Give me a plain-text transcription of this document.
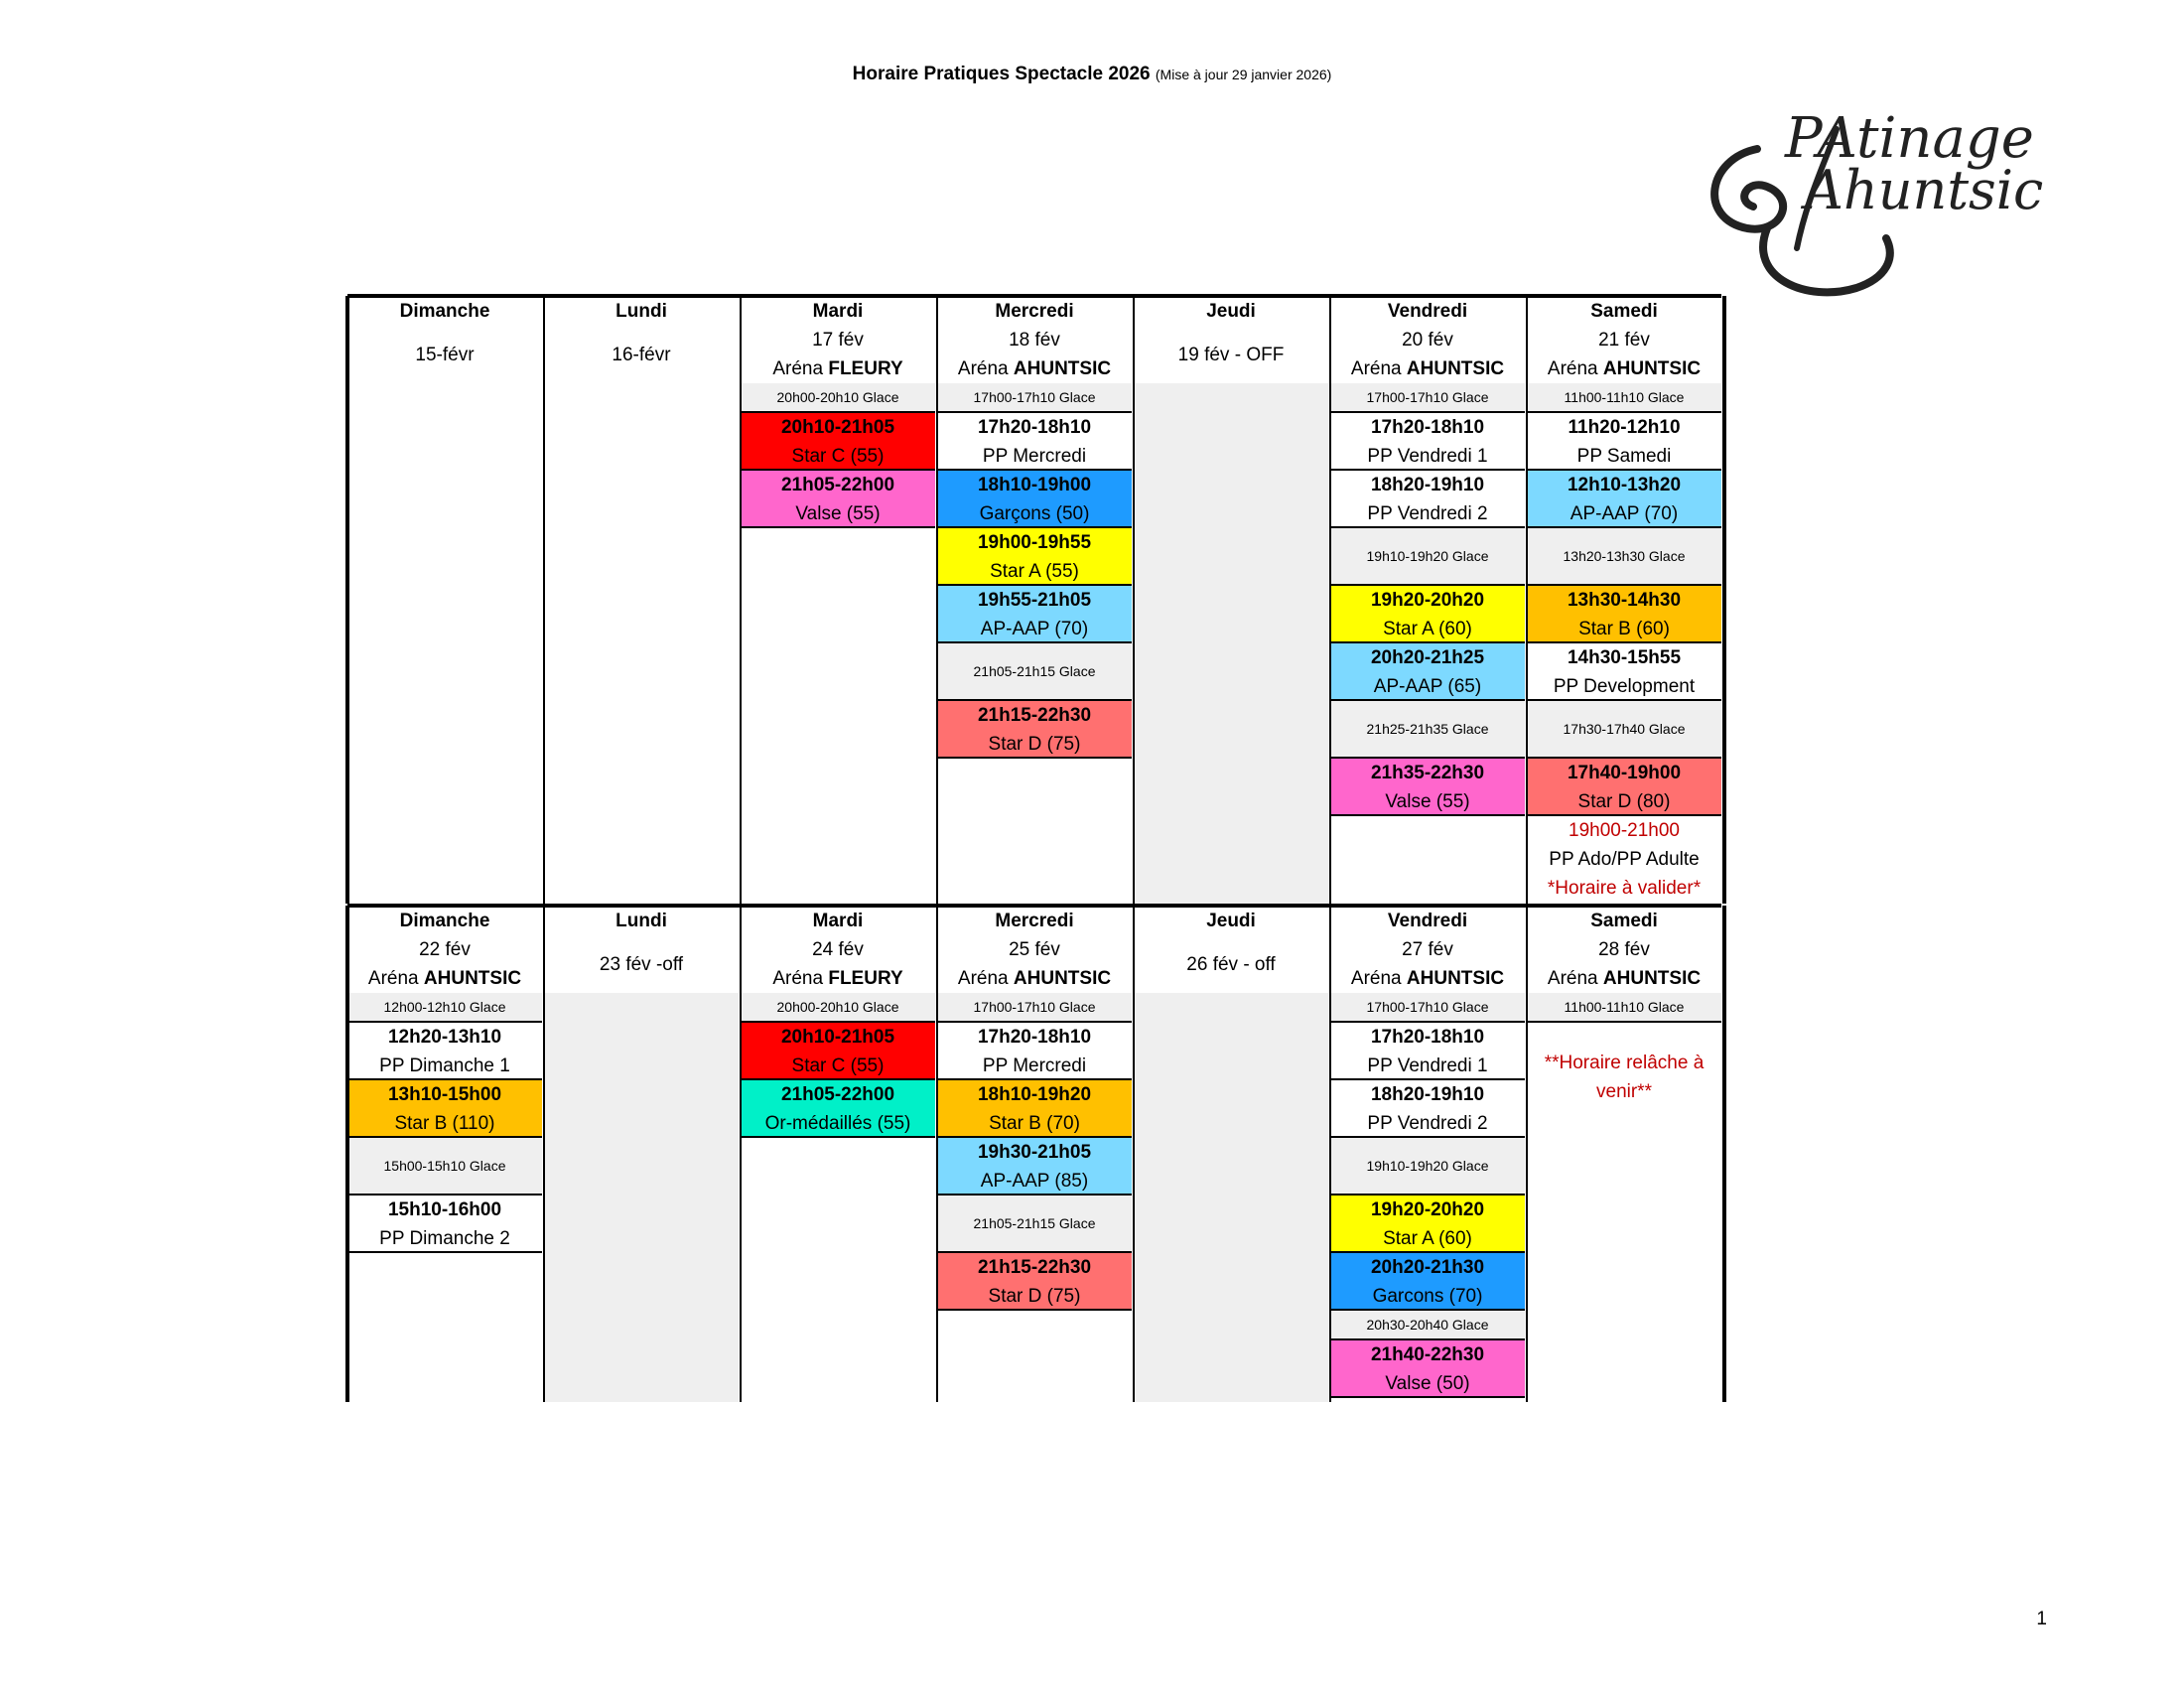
Horaire Pratiques Spectacle 2026 (Mise à jour 29 janvier 2026)
PAtinage
Ahuntsic
Dimanche
15-févr
Lundi
16-févr
Mardi
17 fév
Aréna FLEURY
20h00-20h10 Glace
20h10-21h05
Star C (55)
21h05-22h00
Valse (55)
Mercredi
18 fév
Aréna AHUNTSIC
17h00-17h10 Glace
17h20-18h10
PP Mercredi
18h10-19h00
Garçons (50)
19h00-19h55
Star A (55)
19h55-21h05
AP-AAP (70)
21h05-21h15 Glace
21h15-22h30
Star D (75)
Jeudi
19 fév - OFF
Vendredi
20 fév
Aréna AHUNTSIC
17h00-17h10 Glace
17h20-18h10
PP Vendredi 1
18h20-19h10
PP Vendredi 2
19h10-19h20 Glace
19h20-20h20
Star A (60)
20h20-21h25
AP-AAP (65)
21h25-21h35 Glace
21h35-22h30
Valse (55)
Samedi
21 fév
Aréna AHUNTSIC
11h00-11h10 Glace
11h20-12h10
PP Samedi
12h10-13h20
AP-AAP (70)
13h20-13h30 Glace
13h30-14h30
Star B (60)
14h30-15h55
PP Development
17h30-17h40 Glace
17h40-19h00
Star D (80)
19h00-21h00
PP Ado/PP Adulte
*Horaire à valider*
Dimanche
22 fév
Aréna AHUNTSIC
12h00-12h10 Glace
12h20-13h10
PP Dimanche 1
13h10-15h00
Star B (110)
15h00-15h10 Glace
15h10-16h00
PP Dimanche 2
Lundi
23 fév -off
Mardi
24 fév
Aréna FLEURY
20h00-20h10 Glace
20h10-21h05
Star C (55)
21h05-22h00
Or-médaillés (55)
Mercredi
25 fév
Aréna AHUNTSIC
17h00-17h10 Glace
17h20-18h10
PP Mercredi
18h10-19h20
Star B (70)
19h30-21h05
AP-AAP (85)
21h05-21h15 Glace
21h15-22h30
Star D (75)
Jeudi
26 fév - off
Vendredi
27 fév
Aréna AHUNTSIC
17h00-17h10 Glace
17h20-18h10
PP Vendredi 1
18h20-19h10
PP Vendredi 2
19h10-19h20 Glace
19h20-20h20
Star A (60)
20h20-21h30
Garcons (70)
20h30-20h40 Glace
21h40-22h30
Valse (50)
Samedi
28 fév
Aréna AHUNTSIC
11h00-11h10 Glace
**Horaire relâche à venir**
1
